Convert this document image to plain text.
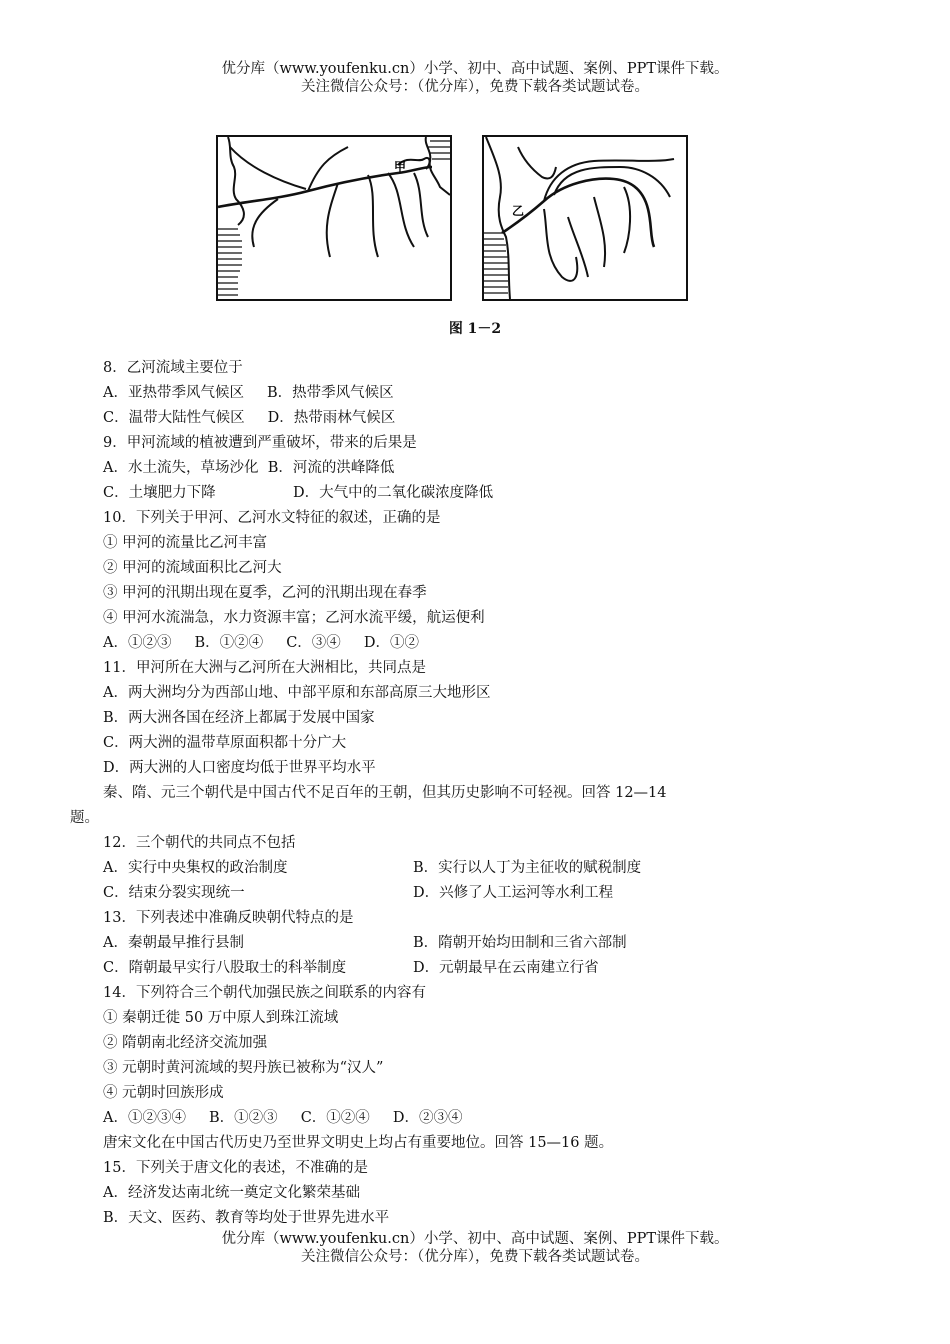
优分库（www.youfenku.cn）小学、初中、高中试题、案例、PPT课件下载。
关注微信公众号：（优分库），免费下载各类试题试卷。
甲
乙
图 1－2
8．乙河流域主要位于
A．亚热带季风气候区 B．热带季风气候区
C．温带大陆性气候区 D．热带雨林气候区
9．甲河流域的植被遭到严重破坏，带来的后果是
A．水土流失，草场沙化 B．河流的洪峰降低
C．土壤肥力下降	D．大气中的二氧化碳浓度降低
10．下列关于甲河、乙河水文特征的叙述，正确的是
① 甲河的流量比乙河丰富
② 甲河的流域面积比乙河大
③ 甲河的汛期出现在夏季，乙河的汛期出现在春季
④ 甲河水流湍急，水力资源丰富；乙河水流平缓，航运便利
A．①②③     B．①②④     C．③④     D．①②
11．甲河所在大洲与乙河所在大洲相比，共同点是
A．两大洲均分为西部山地、中部平原和东部高原三大地形区
B．两大洲各国在经济上都属于发展中国家
C．两大洲的温带草原面积都十分广大
D．两大洲的人口密度均低于世界平均水平
秦、隋、元三个朝代是中国古代不足百年的王朝，但其历史影响不可轻视。回答 12—14
题。
12．三个朝代的共同点不包括
A．实行中央集权的政治制度	B．实行以人丁为主征收的赋税制度
C．结束分裂实现统一	D．兴修了人工运河等水利工程
13．下列表述中准确反映朝代特点的是
A．秦朝最早推行县制	B．隋朝开始均田制和三省六部制
C．隋朝最早实行八股取士的科举制度	D．元朝最早在云南建立行省
14．下列符合三个朝代加强民族之间联系的内容有
① 秦朝迁徙 50 万中原人到珠江流域
② 隋朝南北经济交流加强
③ 元朝时黄河流域的契丹族已被称为“汉人”
④ 元朝时回族形成
A．①②③④     B．①②③     C．①②④     D．②③④
唐宋文化在中国古代历史乃至世界文明史上均占有重要地位。回答 15—16 题。
15．下列关于唐文化的表述，不准确的是
A．经济发达南北统一奠定文化繁荣基础
B．天文、医药、教育等均处于世界先进水平
优分库（www.youfenku.cn）小学、初中、高中试题、案例、PPT课件下载。
关注微信公众号：（优分库），免费下载各类试题试卷。
